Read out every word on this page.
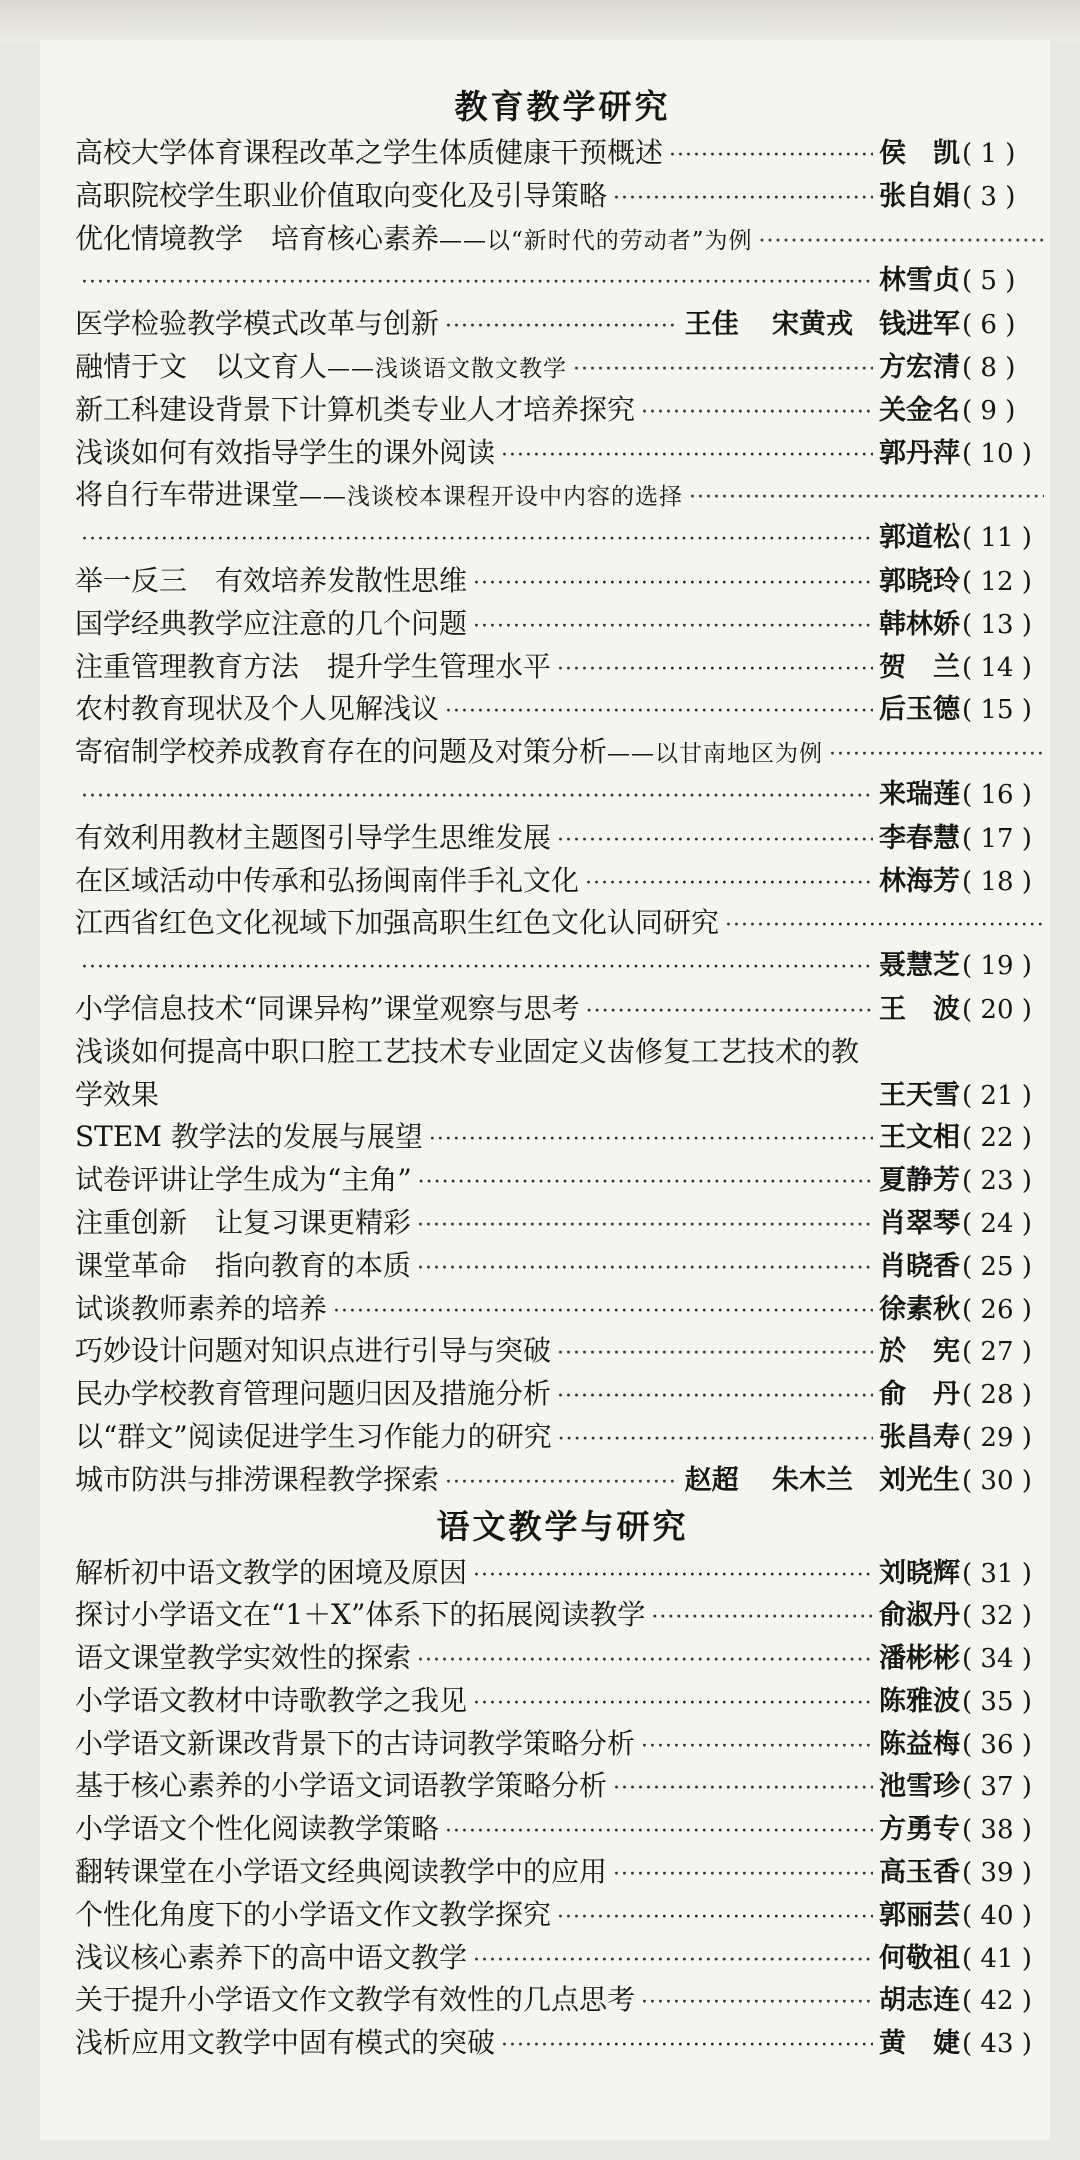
教育教学研究
高校大学体育课程改革之学生体质健康干预概述 ·····	侯　凯 ( 1 )
高职院校学生职业价值取向变化及引导策略 ·····	张自娟 ( 3 )
优化情境教学　培育核心素养——以“新时代的劳动者”为例
·····
·····
林雪贞 ( 5 )
医学检验教学模式改革与创新 ·····	王佳 宋黄戎 钱进军 ( 6 )
融情于文　以文育人——浅谈语文散文教学 ·····	方宏清 ( 8 )
新工科建设背景下计算机类专业人才培养探究 ·····	关金名 ( 9 )
浅谈如何有效指导学生的课外阅读 ·····	郭丹萍 ( 10 )
将自行车带进课堂——浅谈校本课程开设中内容的选择
·····
·····
郭道松 ( 11 )
举一反三　有效培养发散性思维 ·····	郭晓玲 ( 12 )
国学经典教学应注意的几个问题 ·····	韩林娇 ( 13 )
注重管理教育方法　提升学生管理水平 ·····	贺　兰 ( 14 )
农村教育现状及个人见解浅议 ·····	后玉德 ( 15 )
寄宿制学校养成教育存在的问题及对策分析——以甘南地区为例
·····
·····
来瑞莲 ( 16 )
有效利用教材主题图引导学生思维发展 ·····	李春慧 ( 17 )
在区域活动中传承和弘扬闽南伴手礼文化 ·····	林海芳 ( 18 )
江西省红色文化视域下加强高职生红色文化认同研究
·····
·····
聂慧芝 ( 19 )
小学信息技术“同课异构”课堂观察与思考 ·····	王　波 ( 20 )
浅谈如何提高中职口腔工艺技术专业固定义齿修复工艺技术的教
学效果	王天雪 ( 21 )
STEM 教学法的发展与展望 ·····	王文相 ( 22 )
试卷评讲让学生成为“主角” ·····	夏静芳 ( 23 )
注重创新　让复习课更精彩 ·····	肖翠琴 ( 24 )
课堂革命　指向教育的本质 ·····	肖晓香 ( 25 )
试谈教师素养的培养 ·····	徐素秋 ( 26 )
巧妙设计问题对知识点进行引导与突破 ·····	於　宪 ( 27 )
民办学校教育管理问题归因及措施分析 ·····	俞　丹 ( 28 )
以“群文”阅读促进学生习作能力的研究 ·····	张昌寿 ( 29 )
城市防洪与排涝课程教学探索 ·····	赵超 朱木兰 刘光生 ( 30 )
语文教学与研究
解析初中语文教学的困境及原因 ·····	刘晓辉 ( 31 )
探讨小学语文在“1＋X”体系下的拓展阅读教学 ·····	俞淑丹 ( 32 )
语文课堂教学实效性的探索 ·····	潘彬彬 ( 34 )
小学语文教材中诗歌教学之我见 ·····	陈雅波 ( 35 )
小学语文新课改背景下的古诗词教学策略分析 ·····	陈益梅 ( 36 )
基于核心素养的小学语文词语教学策略分析 ·····	池雪珍 ( 37 )
小学语文个性化阅读教学策略 ·····	方勇专 ( 38 )
翻转课堂在小学语文经典阅读教学中的应用 ·····	高玉香 ( 39 )
个性化角度下的小学语文作文教学探究 ·····	郭丽芸 ( 40 )
浅议核心素养下的高中语文教学 ·····	何敬祖 ( 41 )
关于提升小学语文作文教学有效性的几点思考 ·····	胡志连 ( 42 )
浅析应用文教学中固有模式的突破 ·····	黄　婕 ( 43 )
